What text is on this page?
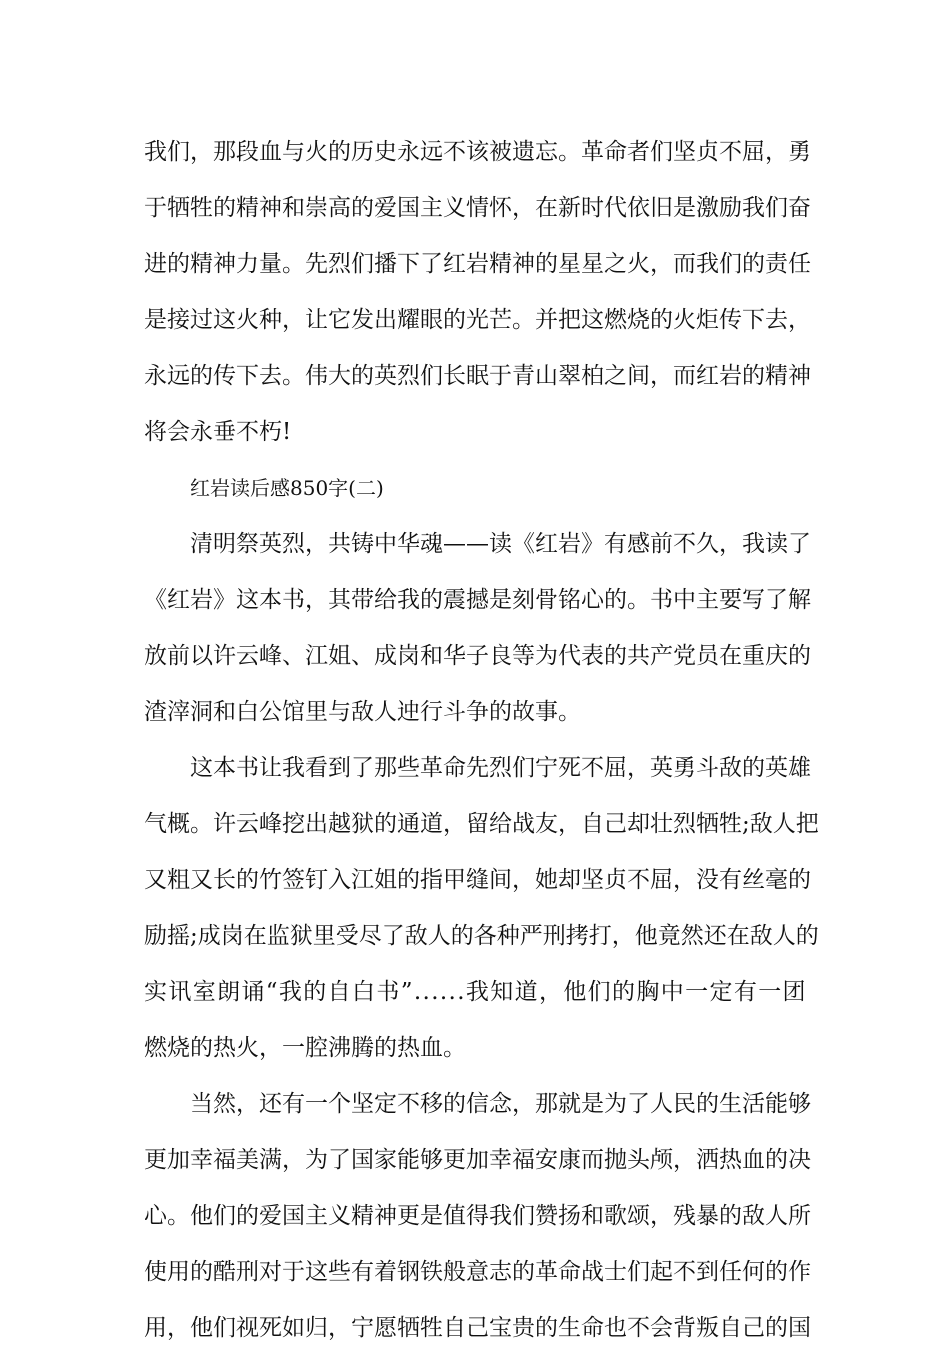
我 们 ， 那 段 血 与 火 的 历 史 永 远 不 该 被 遗 忘 。 革 命 者 们 坚 贞 不 屈 ， 勇
于 牺 牲 的 精 神 和 崇 高 的 爱 国 主 义 情 怀 ， 在 新 时 代 依 旧 是 激 励 我 们 奋
进 的 精 神 力 量 。 先 烈 们 播 下 了 红 岩 精 神 的 星 星 之 火 ， 而 我 们 的 责 任
是 接 过 这 火 种 ， 让 它 发 出 耀 眼 的 光 芒 。 并 把 这 燃 烧 的 火 炬 传 下 去 ，
永 远 的 传 下 去 。 伟 大 的 英 烈 们 长 眠 于 青 山 翠 柏 之 间 ， 而 红 岩 的 精 神
将会永垂不朽!
红岩读后感850字(二)
清 明 祭 英 烈 ， 共 铸 中 华 魂 — — 读 《 红 岩 》 有 感 前 不 久 ， 我 读 了
《 红 岩 》 这 本 书 ， 其 带 给 我 的 震 撼 是 刻 骨 铭 心 的 。 书 中 主 要 写 了 解
放 前 以 许 云 峰 、 江 姐 、 成 岗 和 华 子 良 等 为 代 表 的 共 产 党 员 在 重 庆 的
渣滓洞和白公馆里与敌人迚行斗争的故事。
这 本 书 让 我 看 到 了 那 些 革 命 先 烈 们 宁 死 不 屈 ， 英 勇 斗 敌 的 英 雄
气 概 。 许 云 峰 挖 出 越 狱 的 通 道 ， 留 给 战 友 ， 自 己 却 壮 烈 牺 牲 ; 敌 人 把
又 粗 又 长 的 竹 签 钉 入 江 姐 的 指 甲 缝 间 ， 她 却 坚 贞 不 屈 ， 没 有 丝 毫 的
励 摇 ; 成 岗 在 监 狱 里 受 尽 了 敌 人 的 各 种 严 刑 拷 打 ， 他 竟 然 还 在 敌 人 的
实 讯 室 朗 诵 “ 我 的 自 白 书 ” . . . . . . 我 知 道 ， 他 们 的 胸 中 一 定 有 一 团
燃烧的热火，一腔沸腾的热血。
当 然 ， 还 有 一 个 坚 定 不 移 的 信 念 ， 那 就 是 为 了 人 民 的 生 活 能 够
更 加 幸 福 美 满 ， 为 了 国 家 能 够 更 加 幸 福 安 康 而 抛 头 颅 ， 洒 热 血 的 决
心 。 他 们 的 爱 国 主 义 精 神 更 是 值 得 我 们 赞 扬 和 歌 颂 ， 残 暴 的 敌 人 所
使 用 的 酷 刑 对 于 这 些 有 着 钢 铁 般 意 志 的 革 命 战 士 们 起 不 到 任 何 的 作
用 ， 他 们 视 死 如 归 ， 宁 愿 牺 牲 自 己 宝 贵 的 生 命 也 不 会 背 叛 自 己 的 国
